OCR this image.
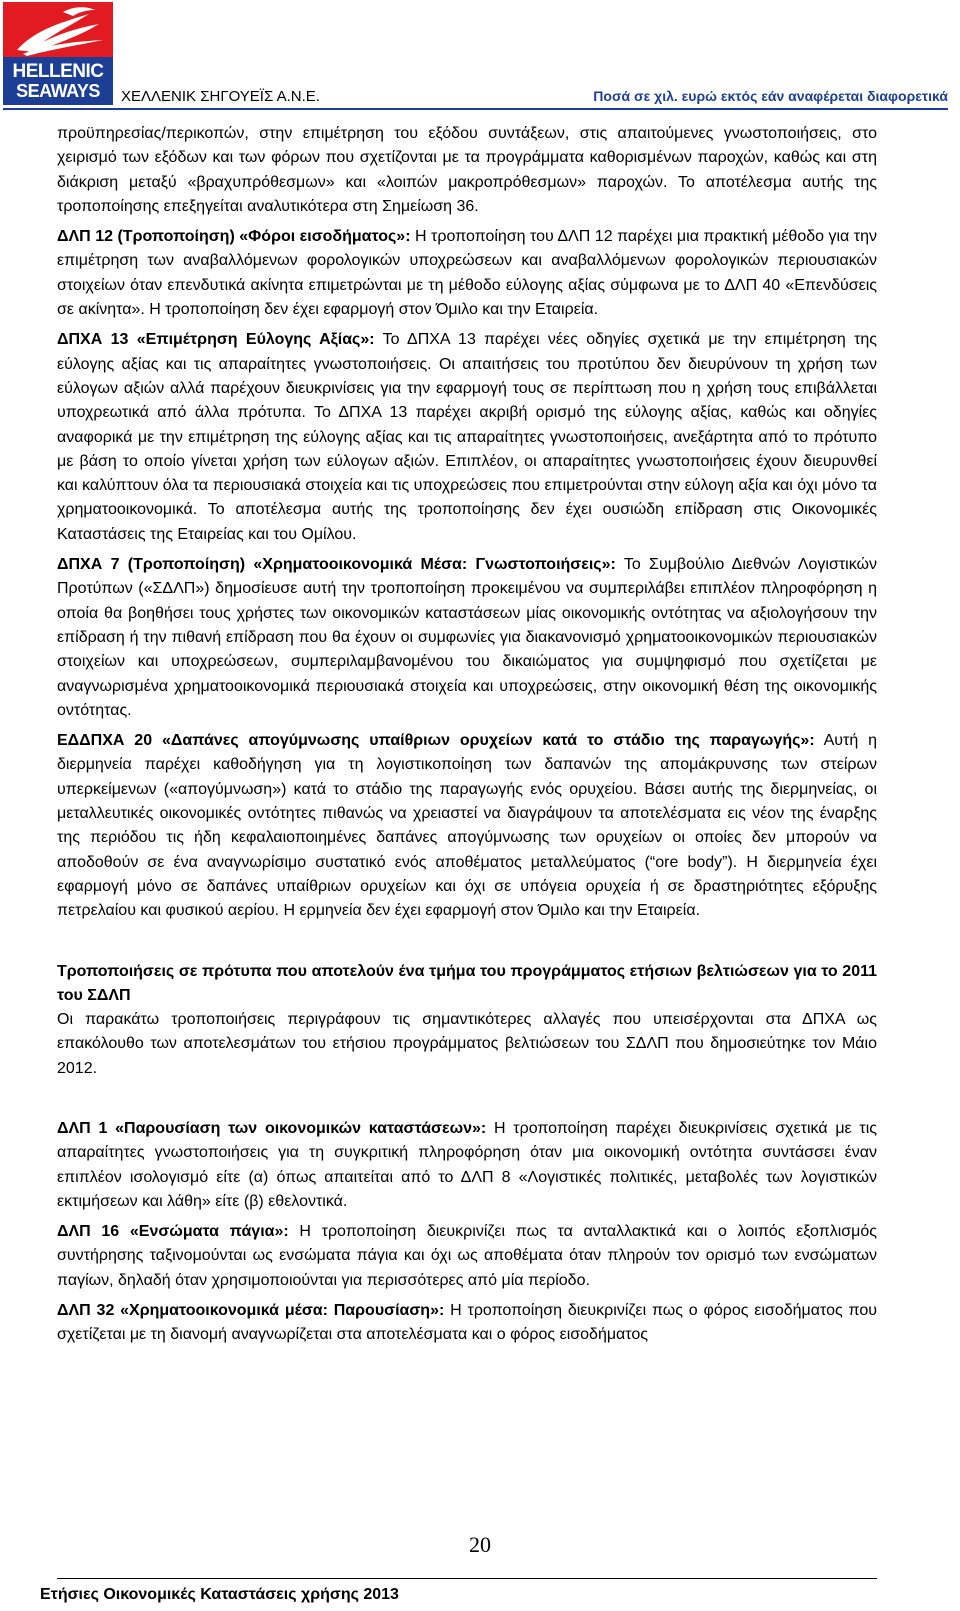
HELLENIC
SEAWAYS	ΧΕΛΛΕΝΙΚ ΣΗΓΟΥΕΪΣ Α.Ν.Ε.	Ποσά σε χιλ. ευρώ εκτός εάν αναφέρεται διαφορετικά

προϋπηρεσίας/περικοπών, στην επιμέτρηση του εξόδου συντάξεων, στις απαιτούμενες γνωστοποιήσεις, στο χειρισμό των εξόδων και των φόρων που σχετίζονται με τα προγράμματα καθορισμένων παροχών, καθώς και στη διάκριση μεταξύ «βραχυπρόθεσμων» και «λοιπών μακροπρόθεσμων» παροχών. Το αποτέλεσμα αυτής της τροποποίησης επεξηγείται αναλυτικότερα στη Σημείωση 36.

ΔΛΠ 12 (Τροποποίηση) «Φόροι εισοδήματος»: Η τροποποίηση του ΔΛΠ 12 παρέχει μια πρακτική μέθοδο για την επιμέτρηση των αναβαλλόμενων φορολογικών υποχρεώσεων και αναβαλλόμενων φορολογικών περιουσιακών στοιχείων όταν επενδυτικά ακίνητα επιμετρώνται με τη μέθοδο εύλογης αξίας σύμφωνα με το ΔΛΠ 40 «Επενδύσεις σε ακίνητα». Η τροποποίηση δεν έχει εφαρμογή στον Όμιλο και την Εταιρεία.

ΔΠΧΑ 13 «Επιμέτρηση Εύλογης Αξίας»: Το ΔΠΧΑ 13 παρέχει νέες οδηγίες σχετικά με την επιμέτρηση της εύλογης αξίας και τις απαραίτητες γνωστοποιήσεις. Οι απαιτήσεις του προτύπου δεν διευρύνουν τη χρήση των εύλογων αξιών αλλά παρέχουν διευκρινίσεις για την εφαρμογή τους σε περίπτωση που η χρήση τους επιβάλλεται υποχρεωτικά από άλλα πρότυπα. Το ΔΠΧΑ 13 παρέχει ακριβή ορισμό της εύλογης αξίας, καθώς και οδηγίες αναφορικά με την επιμέτρηση της εύλογης αξίας και τις απαραίτητες γνωστοποιήσεις, ανεξάρτητα από το πρότυπο με βάση το οποίο γίνεται χρήση των εύλογων αξιών. Επιπλέον, οι απαραίτητες γνωστοποιήσεις έχουν διευρυνθεί και καλύπτουν όλα τα περιουσιακά στοιχεία και τις υποχρεώσεις που επιμετρούνται στην εύλογη αξία και όχι μόνο τα χρηματοοικονομικά. Το αποτέλεσμα αυτής της τροποποίησης δεν έχει ουσιώδη επίδραση στις Οικονομικές Καταστάσεις της Εταιρείας και του Ομίλου.

ΔΠΧΑ 7 (Τροποποίηση) «Χρηματοοικονομικά Μέσα: Γνωστοποιήσεις»: Το Συμβούλιο Διεθνών Λογιστικών Προτύπων («ΣΔΛΠ») δημοσίευσε αυτή την τροποποίηση προκειμένου να συμπεριλάβει επιπλέον πληροφόρηση η οποία θα βοηθήσει τους χρήστες των οικονομικών καταστάσεων μίας οικονομικής οντότητας να αξιολογήσουν την επίδραση ή την πιθανή επίδραση που θα έχουν οι συμφωνίες για διακανονισμό χρηματοοικονομικών περιουσιακών στοιχείων και υποχρεώσεων, συμπεριλαμβανομένου του δικαιώματος για συμψηφισμό που σχετίζεται με αναγνωρισμένα χρηματοοικονομικά περιουσιακά στοιχεία και υποχρεώσεις, στην οικονομική θέση της οικονομικής οντότητας.

ΕΔΔΠΧΑ 20 «Δαπάνες απογύμνωσης υπαίθριων ορυχείων κατά το στάδιο της παραγωγής»: Αυτή η διερμηνεία παρέχει καθοδήγηση για τη λογιστικοποίηση των δαπανών της απομάκρυνσης των στείρων υπερκείμενων («απογύμνωση») κατά το στάδιο της παραγωγής ενός ορυχείου. Βάσει αυτής της διερμηνείας, οι μεταλλευτικές οικονομικές οντότητες πιθανώς να χρειαστεί να διαγράψουν τα αποτελέσματα εις νέον της έναρξης της περιόδου τις ήδη κεφαλαιοποιημένες δαπάνες απογύμνωσης των ορυχείων οι οποίες δεν μπορούν να αποδοθούν σε ένα αναγνωρίσιμο συστατικό ενός αποθέματος μεταλλεύματος (“ore body”). Η διερμηνεία έχει εφαρμογή μόνο σε δαπάνες υπαίθριων ορυχείων και όχι σε υπόγεια ορυχεία ή σε δραστηριότητες εξόρυξης πετρελαίου και φυσικού αερίου. Η ερμηνεία δεν έχει εφαρμογή στον Όμιλο και την Εταιρεία.

Τροποποιήσεις σε πρότυπα που αποτελούν ένα τμήμα του προγράμματος ετήσιων βελτιώσεων για το 2011 του ΣΔΛΠ

Οι παρακάτω τροποποιήσεις περιγράφουν τις σημαντικότερες αλλαγές που υπεισέρχονται στα ΔΠΧΑ ως επακόλουθο των αποτελεσμάτων του ετήσιου προγράμματος βελτιώσεων του ΣΔΛΠ που δημοσιεύτηκε τον Μάιο 2012.

ΔΛΠ 1 «Παρουσίαση των οικονομικών καταστάσεων»: Η τροποποίηση παρέχει διευκρινίσεις σχετικά με τις απαραίτητες γνωστοποιήσεις για τη συγκριτική πληροφόρηση όταν μια οικονομική οντότητα συντάσσει έναν επιπλέον ισολογισμό είτε (α) όπως απαιτείται από το ΔΛΠ 8 «Λογιστικές πολιτικές, μεταβολές των λογιστικών εκτιμήσεων και λάθη» είτε (β) εθελοντικά.

ΔΛΠ 16 «Ενσώματα πάγια»: Η τροποποίηση διευκρινίζει πως τα ανταλλακτικά και ο λοιπός εξοπλισμός συντήρησης ταξινομούνται ως ενσώματα πάγια και όχι ως αποθέματα όταν πληρούν τον ορισμό των ενσώματων παγίων, δηλαδή όταν χρησιμοποιούνται για περισσότερες από μία περίοδο.

ΔΛΠ 32 «Χρηματοοικονομικά μέσα: Παρουσίαση»: Η τροποποίηση διευκρινίζει πως ο φόρος εισοδήματος που σχετίζεται με τη διανομή αναγνωρίζεται στα αποτελέσματα και ο φόρος εισοδήματος

20
Ετήσιες Οικονομικές Καταστάσεις χρήσης 2013
